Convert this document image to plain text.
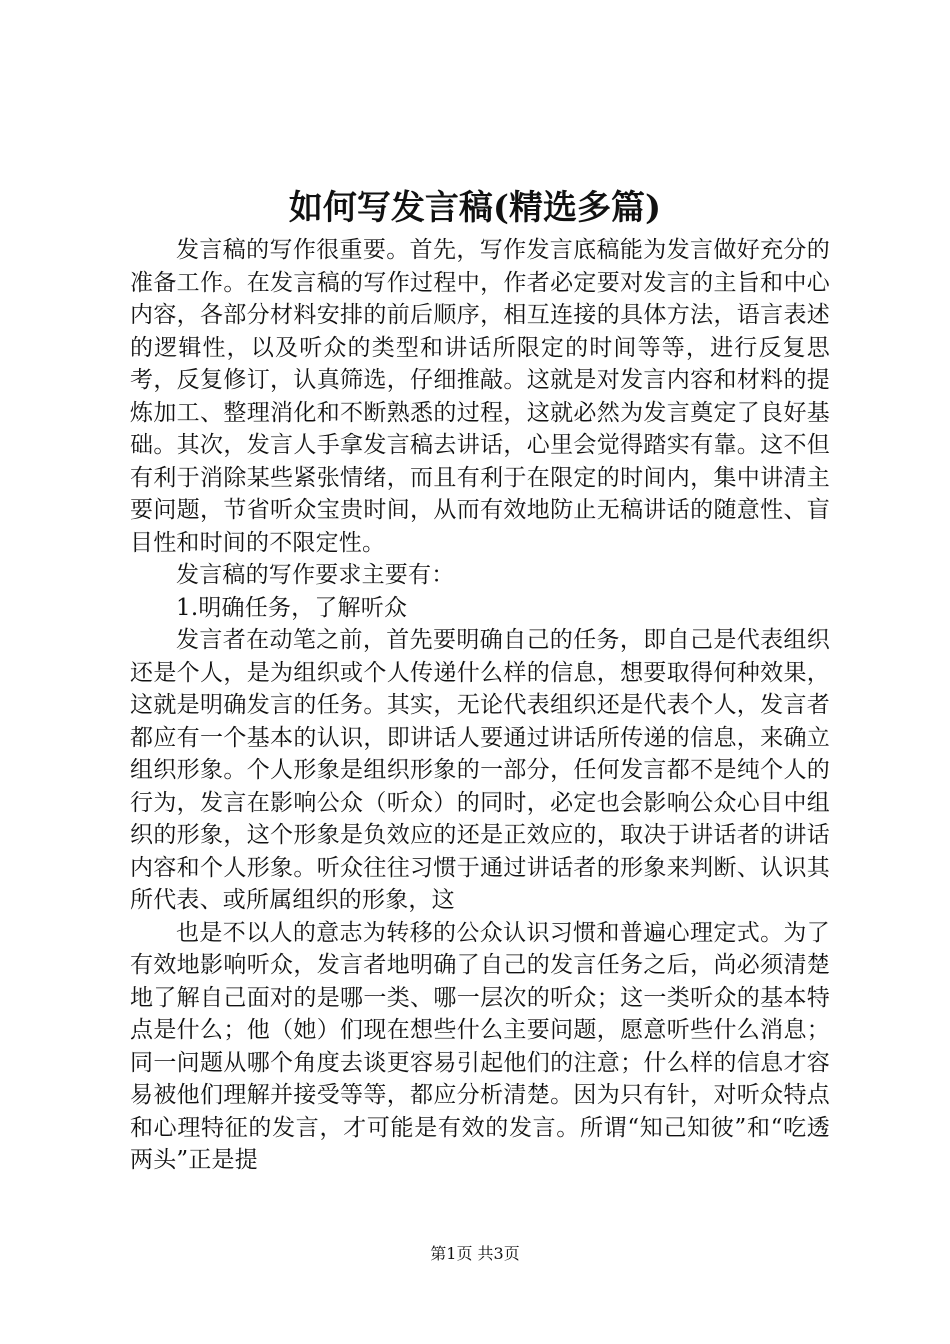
如何写发言稿(精选多篇)

发言稿的写作很重要。首先，写作发言底稿能为发言做好充分的准备工作。在发言稿的写作过程中，作者必定要对发言的主旨和中心内容，各部分材料安排的前后顺序，相互连接的具体方法，语言表述的逻辑性，以及听众的类型和讲话所限定的时间等等，进行反复思考，反复修订，认真筛选，仔细推敲。这就是对发言内容和材料的提炼加工、整理消化和不断熟悉的过程，这就必然为发言奠定了良好基础。其次，发言人手拿发言稿去讲话，心里会觉得踏实有靠。这不但有利于消除某些紧张情绪，而且有利于在限定的时间内，集中讲清主要问题，节省听众宝贵时间，从而有效地防止无稿讲话的随意性、盲目性和时间的不限定性。

发言稿的写作要求主要有：

1.明确任务，了解听众

发言者在动笔之前，首先要明确自己的任务，即自己是代表组织还是个人，是为组织或个人传递什么样的信息，想要取得何种效果，这就是明确发言的任务。其实，无论代表组织还是代表个人，发言者都应有一个基本的认识，即讲话人要通过讲话所传递的信息，来确立组织形象。个人形象是组织形象的一部分，任何发言都不是纯个人的行为，发言在影响公众（听众）的同时，必定也会影响公众心目中组织的形象，这个形象是负效应的还是正效应的，取决于讲话者的讲话内容和个人形象。听众往往习惯于通过讲话者的形象来判断、认识其所代表、或所属组织的形象，这

也是不以人的意志为转移的公众认识习惯和普遍心理定式。为了有效地影响听众，发言者地明确了自己的发言任务之后，尚必须清楚地了解自己面对的是哪一类、哪一层次的听众；这一类听众的基本特点是什么；他（她）们现在想些什么主要问题，愿意听些什么消息；同一问题从哪个角度去谈更容易引起他们的注意；什么样的信息才容易被他们理解并接受等等，都应分析清楚。因为只有针，对听众特点和心理特征的发言，才可能是有效的发言。所谓“知己知彼”和“吃透两头”正是提

第1页 共3页
